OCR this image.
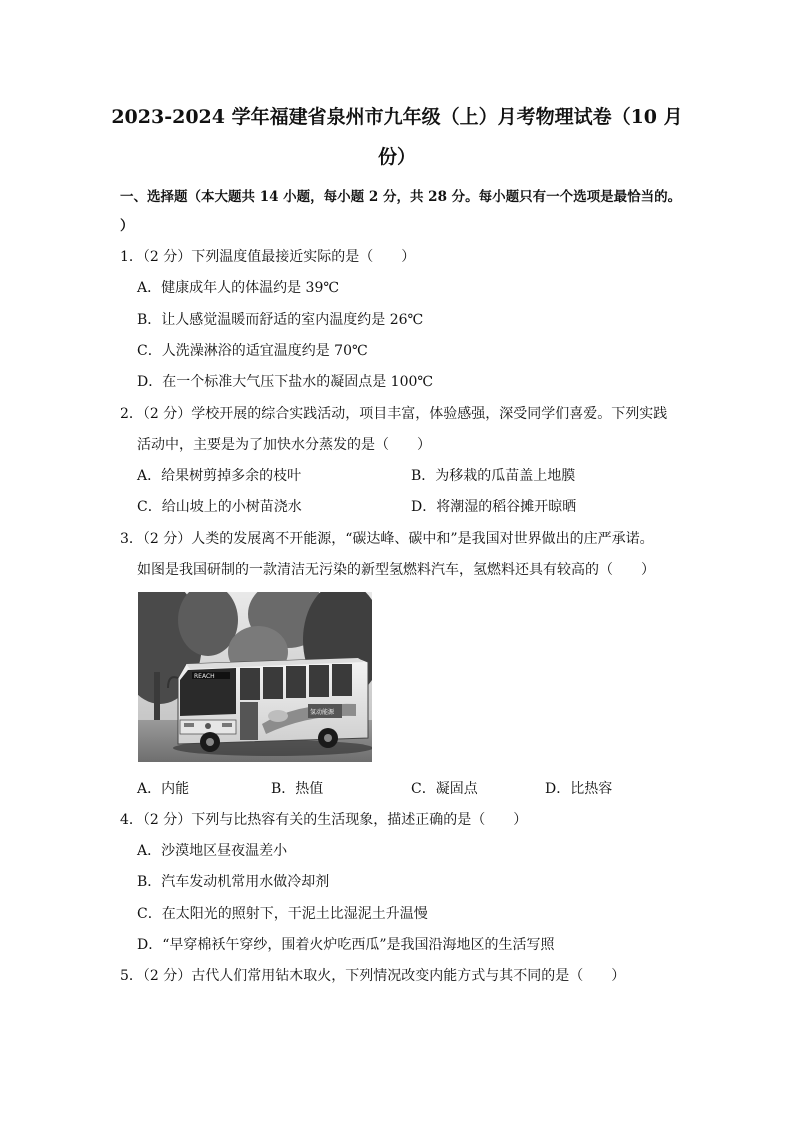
2023-2024 学年福建省泉州市九年级（上）月考物理试卷（10 月
份）
一、选择题（本大题共 14 小题，每小题 2 分，共 28 分。每小题只有一个选项是最恰当的。
）
1．（2 分）下列温度值最接近实际的是（　　）
A．健康成年人的体温约是 39℃
B．让人感觉温暖而舒适的室内温度约是 26℃
C．人洗澡淋浴的适宜温度约是 70℃
D．在一个标准大气压下盐水的凝固点是 100℃
2．（2 分）学校开展的综合实践活动，项目丰富，体验感强，深受同学们喜爱。下列实践
活动中，主要是为了加快水分蒸发的是（　　）
A．给果树剪掉多余的枝叶	B．为移栽的瓜苗盖上地膜
C．给山坡上的小树苗浇水	D．将潮湿的稻谷摊开晾晒
3．（2 分）人类的发展离不开能源，“碳达峰、碳中和”是我国对世界做出的庄严承诺。
如图是我国研制的一款清洁无污染的新型氢燃料汽车，氢燃料还具有较高的（　　）
REACH
氢动能源
A．内能	B．热值	C．凝固点	D．比热容
4．（2 分）下列与比热容有关的生活现象，描述正确的是（　　）
A．沙漠地区昼夜温差小
B．汽车发动机常用水做冷却剂
C．在太阳光的照射下，干泥土比湿泥土升温慢
D．“早穿棉袄午穿纱，围着火炉吃西瓜”是我国沿海地区的生活写照
5．（2 分）古代人们常用钻木取火，下列情况改变内能方式与其不同的是（　　）
